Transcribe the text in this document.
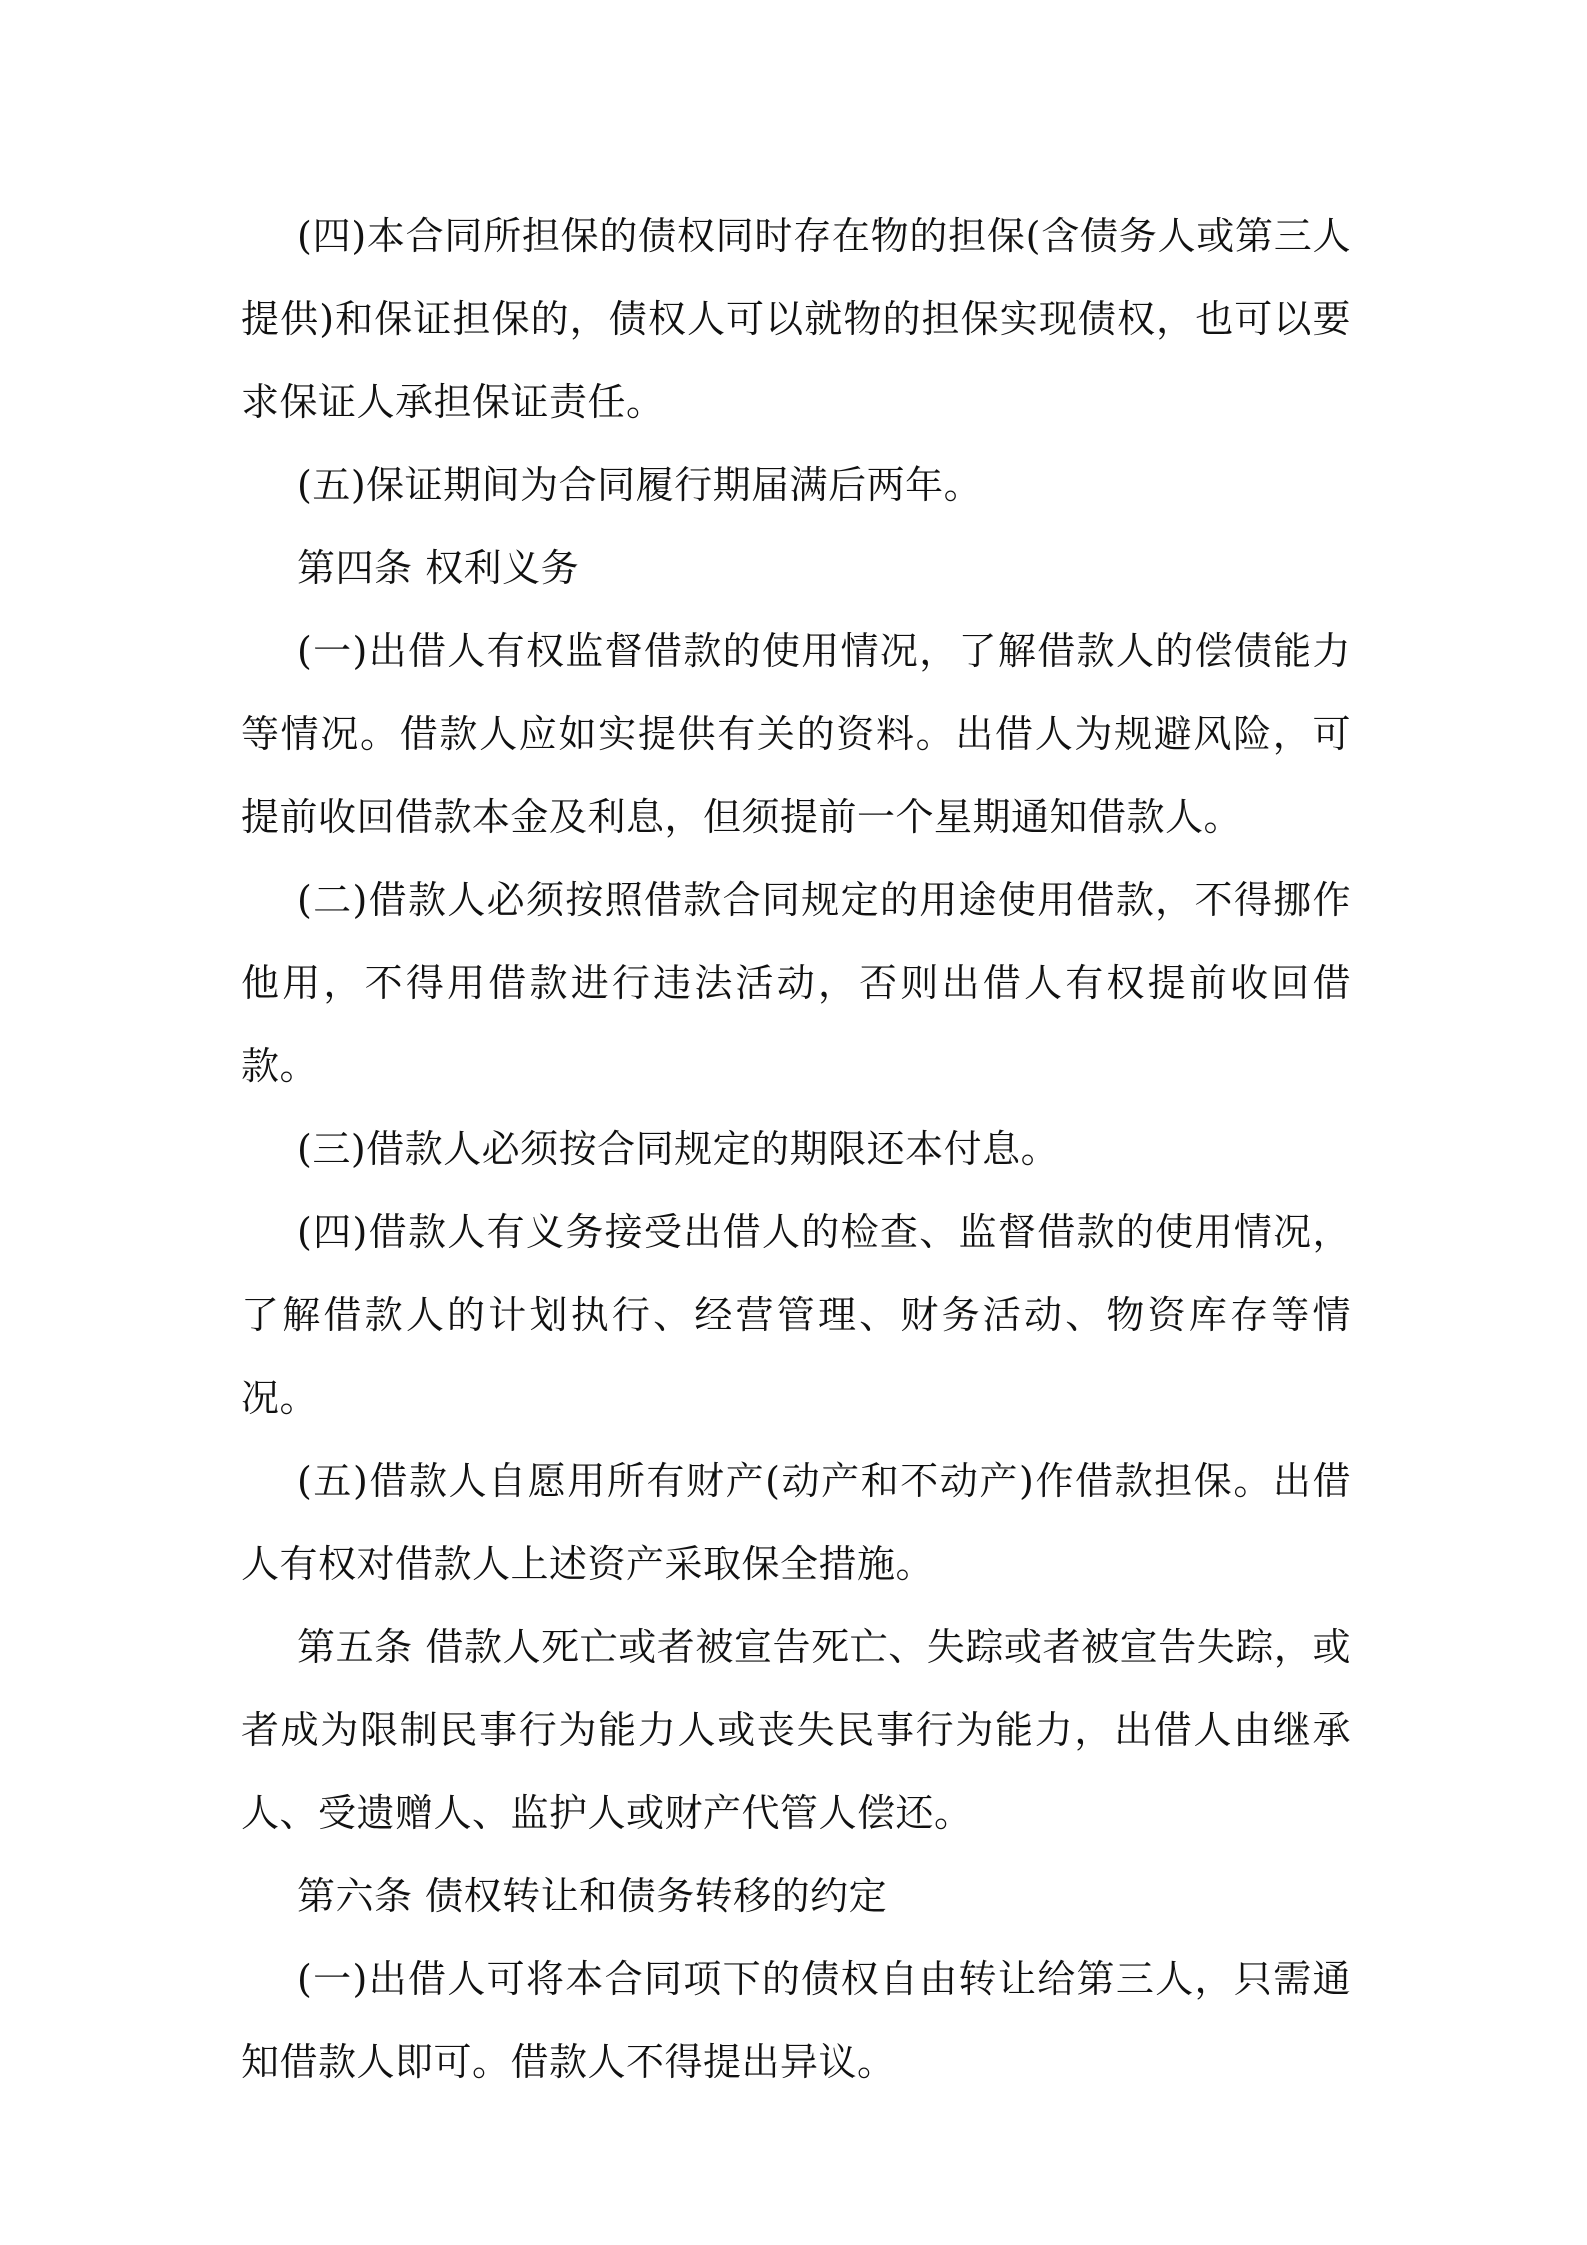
(四)本合同所担保的债权同时存在物的担保(含债务人或第三人提供)和保证担保的，债权人可以就物的担保实现债权，也可以要求保证人承担保证责任。

(五)保证期间为合同履行期届满后两年。

第四条 权利义务

(一)出借人有权监督借款的使用情况，了解借款人的偿债能力等情况。借款人应如实提供有关的资料。出借人为规避风险，可提前收回借款本金及利息，但须提前一个星期通知借款人。

(二)借款人必须按照借款合同规定的用途使用借款，不得挪作他用，不得用借款进行违法活动，否则出借人有权提前收回借款。

(三)借款人必须按合同规定的期限还本付息。

(四)借款人有义务接受出借人的检查、监督借款的使用情况，了解借款人的计划执行、经营管理、财务活动、物资库存等情况。

(五)借款人自愿用所有财产(动产和不动产)作借款担保。出借人有权对借款人上述资产采取保全措施。

第五条 借款人死亡或者被宣告死亡、失踪或者被宣告失踪，或者成为限制民事行为能力人或丧失民事行为能力，出借人由继承人、受遗赠人、监护人或财产代管人偿还。

第六条 债权转让和债务转移的约定

(一)出借人可将本合同项下的债权自由转让给第三人，只需通知借款人即可。借款人不得提出异议。
